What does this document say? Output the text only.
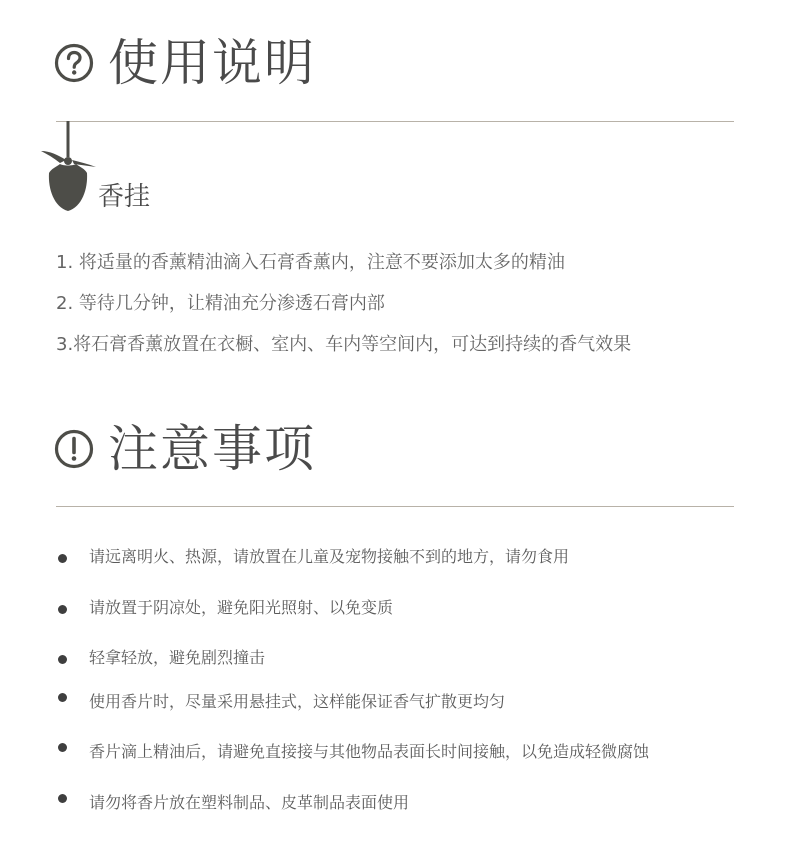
使用说明
香挂
1. 将适量的香薰精油滴入石膏香薰内，注意不要添加太多的精油
2. 等待几分钟，让精油充分渗透石膏内部
3.将石膏香薰放置在衣橱、室内、车内等空间内，可达到持续的香气效果
注意事项
请远离明火、热源，请放置在儿童及宠物接触不到的地方，请勿食用
请放置于阴凉处，避免阳光照射、以免变质
轻拿轻放，避免剧烈撞击
使用香片时，尽量采用悬挂式，这样能保证香气扩散更均匀
香片滴上精油后，请避免直接接与其他物品表面长时间接触，以免造成轻微腐蚀
请勿将香片放在塑料制品、皮革制品表面使用
